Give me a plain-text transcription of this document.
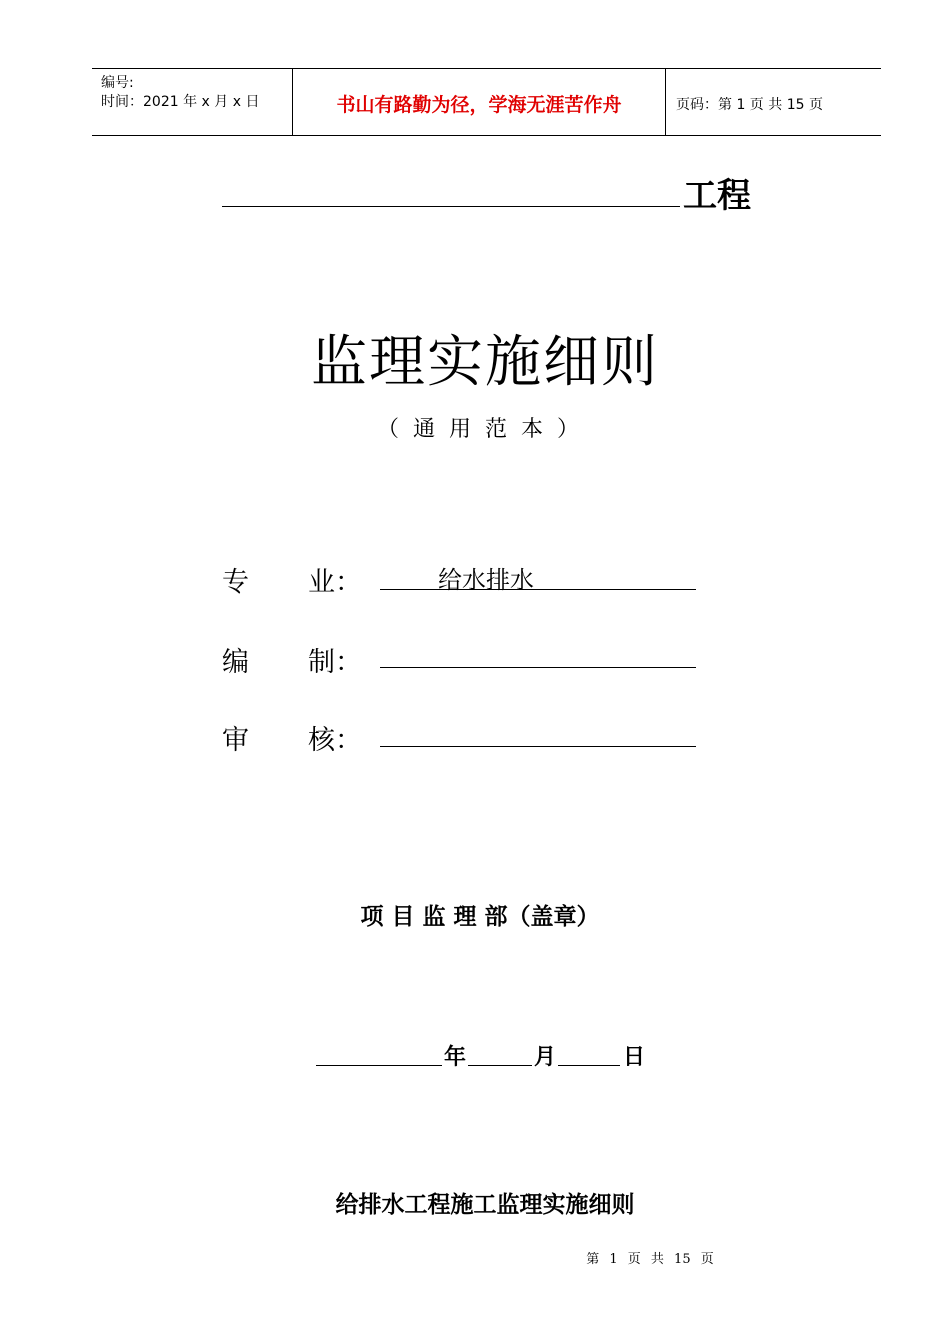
编号:
时间：2021 年 x 月 x 日	书山有路勤为径，学海无涯苦作舟	页码：第 1 页 共 15 页
工程
监理实施细则
（通用范本）
专 业：	给水排水
编 制：
审 核：
项 目 监 理 部（盖章）
年	月	日
给排水工程施工监理实施细则
第 1 页 共 15 页
